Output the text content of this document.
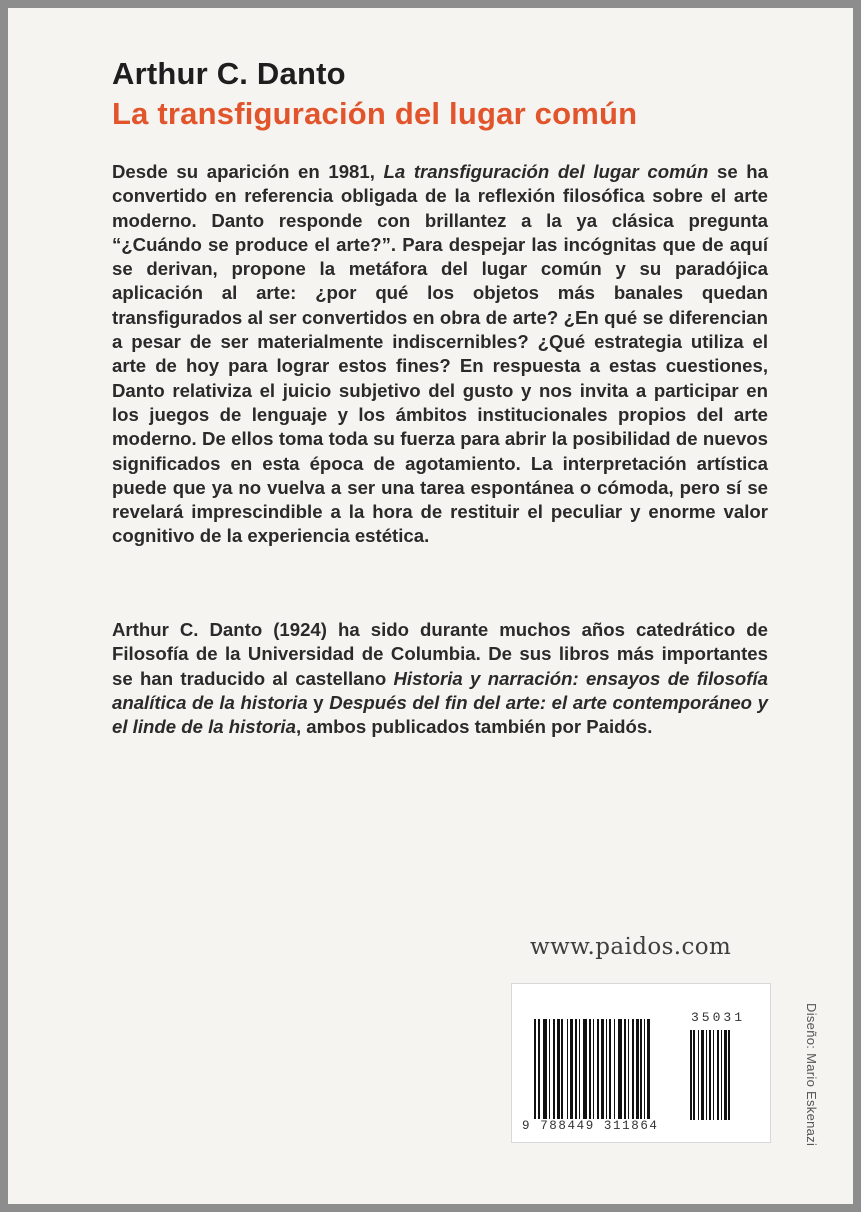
Arthur C. Danto
La transfiguración del lugar común
Desde su aparición en 1981, La transfiguración del lugar común se ha convertido en referencia obligada de la reflexión filosófica sobre el arte moderno. Danto responde con brillantez a la ya clásica pregunta “¿Cuándo se produce el arte?”. Para despejar las incógnitas que de aquí se derivan, propone la metáfora del lugar común y su paradójica aplicación al arte: ¿por qué los objetos más banales quedan transfigurados al ser convertidos en obra de arte? ¿En qué se diferencian a pesar de ser materialmente indiscernibles? ¿Qué estrategia utiliza el arte de hoy para lograr estos fines? En respuesta a estas cuestiones, Danto relativiza el juicio subjetivo del gusto y nos invita a participar en los juegos de lenguaje y los ámbitos institucionales propios del arte moderno. De ellos toma toda su fuerza para abrir la posibilidad de nuevos significados en esta época de agotamiento. La interpretación artística puede que ya no vuelva a ser una tarea espontánea o cómoda, pero sí se revelará imprescindible a la hora de restituir el peculiar y enorme valor cognitivo de la experiencia estética.
Arthur C. Danto (1924) ha sido durante muchos años catedrático de Filosofía de la Universidad de Columbia. De sus libros más importantes se han traducido al castellano Historia y narración: ensayos de filosofía analítica de la historia y Después del fin del arte: el arte contemporáneo y el linde de la historia, ambos publicados también por Paidós.
www.paidos.com
35031
9 788449 311864	Diseño: Mario Eskenazi
